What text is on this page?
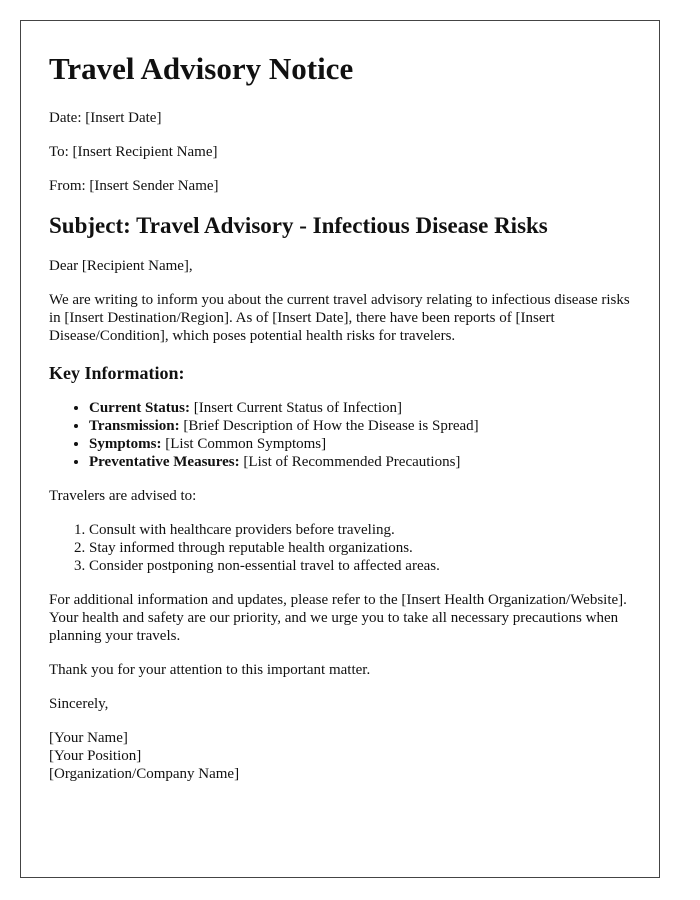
Travel Advisory Notice

Date: [Insert Date]

To: [Insert Recipient Name]

From: [Insert Sender Name]

Subject: Travel Advisory - Infectious Disease Risks

Dear [Recipient Name],

We are writing to inform you about the current travel advisory relating to infectious disease risks in [Insert Destination/Region]. As of [Insert Date], there have been reports of [Insert Disease/Condition], which poses potential health risks for travelers.

Key Information:
• Current Status: [Insert Current Status of Infection]
• Transmission: [Brief Description of How the Disease is Spread]
• Symptoms: [List Common Symptoms]
• Preventative Measures: [List of Recommended Precautions]

Travelers are advised to:

1. Consult with healthcare providers before traveling.
2. Stay informed through reputable health organizations.
3. Consider postponing non-essential travel to affected areas.

For additional information and updates, please refer to the [Insert Health Organization/Website]. Your health and safety are our priority, and we urge you to take all necessary precautions when planning your travels.

Thank you for your attention to this important matter.

Sincerely,

[Your Name]

[Your Position]

[Organization/Company Name]
